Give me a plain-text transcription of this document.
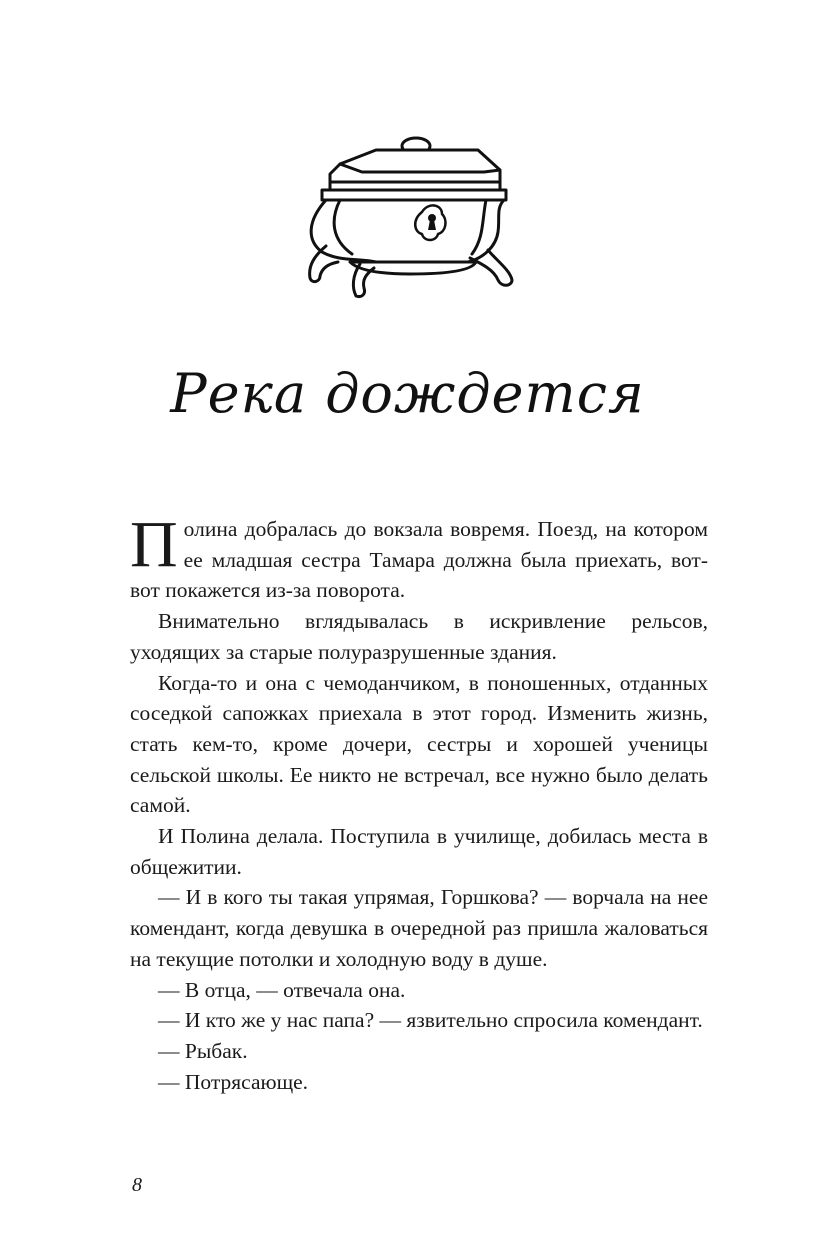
Река дождется

Полина добралась до вокзала вовремя. Поезд, на котором ее младшая сестра Тамара должна была приехать, вот-вот покажется из-за поворота.

Внимательно вглядывалась в искривление рельсов, уходящих за старые полуразрушенные здания.

Когда-то и она с чемоданчиком, в поношенных, отданных соседкой сапожках приехала в этот город. Изменить жизнь, стать кем-то, кроме дочери, сестры и хорошей ученицы сельской школы. Ее никто не встречал, все нужно было делать самой.

И Полина делала. Поступила в училище, добилась места в общежитии.

— И в кого ты такая упрямая, Горшкова? — ворчала на нее комендант, когда девушка в очередной раз пришла жаловаться на текущие потолки и холодную воду в душе.

— В отца, — отвечала она.

— И кто же у нас папа? — язвительно спросила комендант.

— Рыбак.

— Потрясающе.

8
